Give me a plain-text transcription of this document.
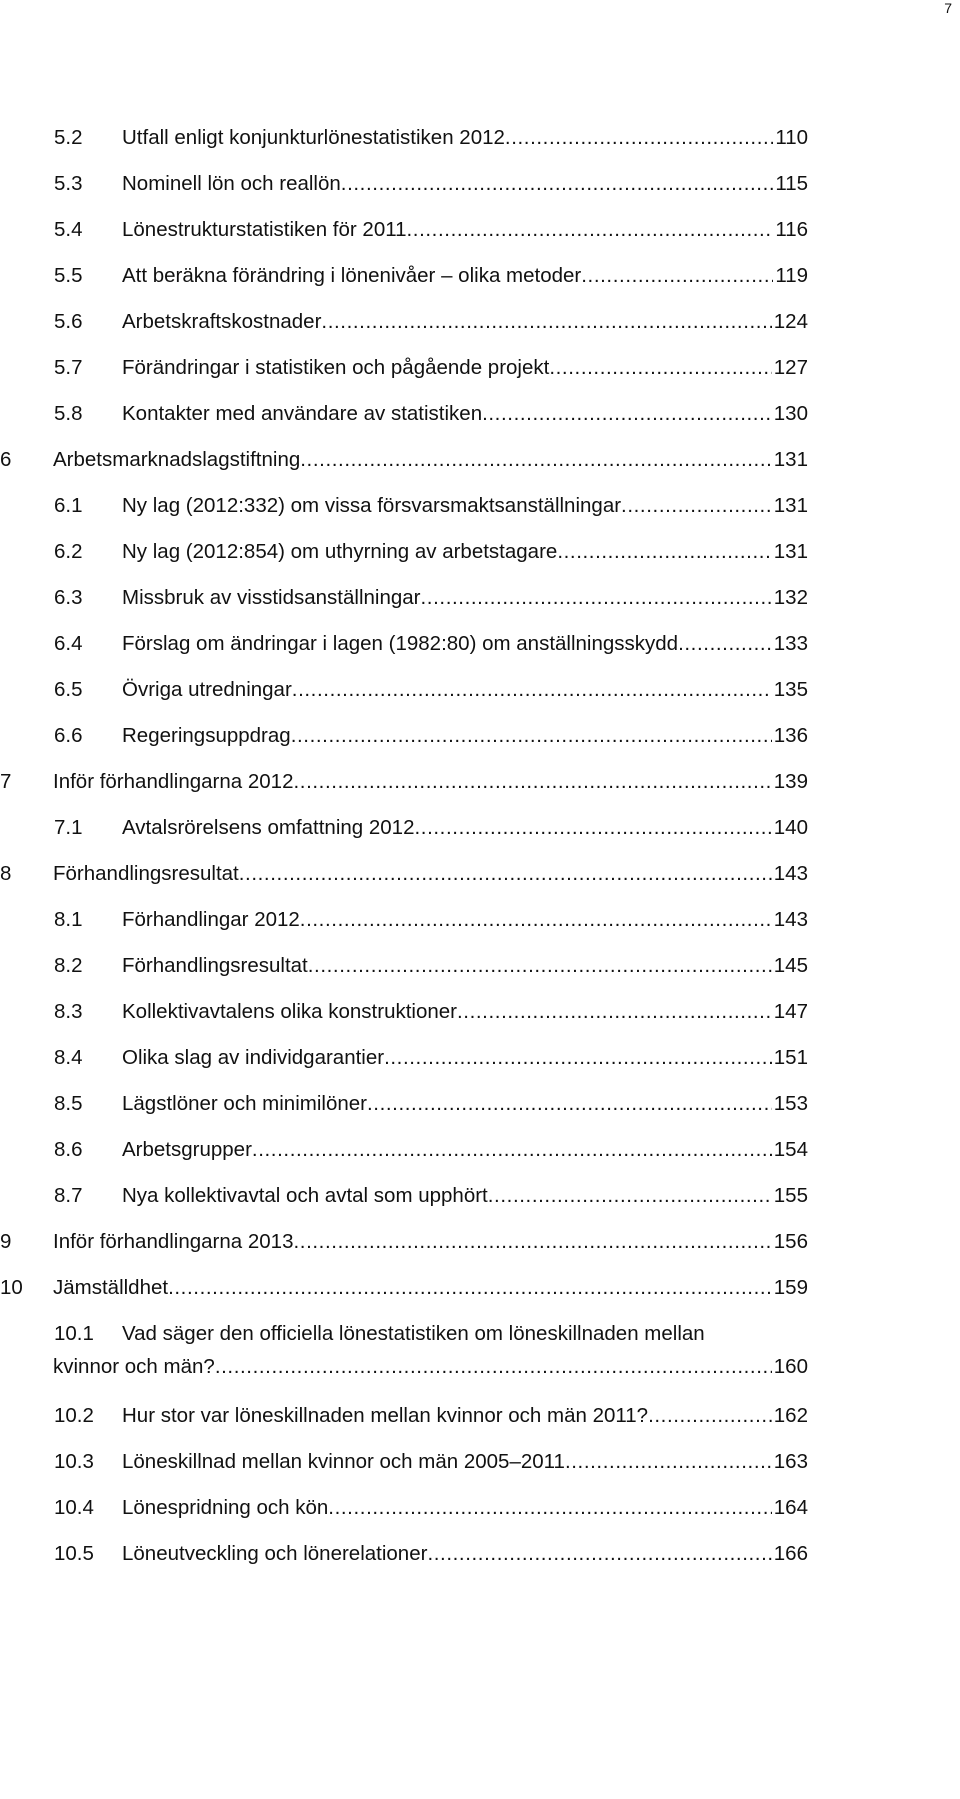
7
5.2 Utfall enligt konjunkturlönestatistiken 2012 .....	110
5.3 Nominell lön och reallön .....	115
5.4 Lönestrukturstatistiken för 2011 .....	116
5.5 Att beräkna förändring i lönenivåer – olika metoder .....	119
5.6 Arbetskraftskostnader .....	124
5.7 Förändringar i statistiken och pågående projekt .....	127
5.8 Kontakter med användare av statistiken .....	130
6 Arbetsmarknadslagstiftning .....	131
6.1 Ny lag (2012:332) om vissa försvarsmaktsanställningar .....	131
6.2 Ny lag (2012:854) om uthyrning av arbetstagare .....	131
6.3 Missbruk av visstidsanställningar .....	132
6.4 Förslag om ändringar i lagen (1982:80) om anställningsskydd .....	133
6.5 Övriga utredningar .....	135
6.6 Regeringsuppdrag .....	136
7 Inför förhandlingarna 2012 .....	139
7.1 Avtalsrörelsens omfattning 2012 .....	140
8 Förhandlingsresultat .....	143
8.1 Förhandlingar 2012 .....	143
8.2 Förhandlingsresultat .....	145
8.3 Kollektivavtalens olika konstruktioner .....	147
8.4 Olika slag av individgarantier .....	151
8.5 Lägstlöner och minimilöner .....	153
8.6 Arbetsgrupper .....	154
8.7 Nya kollektivavtal och avtal som upphört .....	155
9 Inför förhandlingarna 2013 .....	156
10 Jämställdhet .....	159
10.1 Vad säger den officiella lönestatistiken om löneskillnaden mellan
kvinnor och män? .....	160
10.2 Hur stor var löneskillnaden mellan kvinnor och män 2011? .....	162
10.3 Löneskillnad mellan kvinnor och män 2005–2011 .....	163
10.4 Lönespridning och kön .....	164
10.5 Löneutveckling och lönerelationer .....	166
